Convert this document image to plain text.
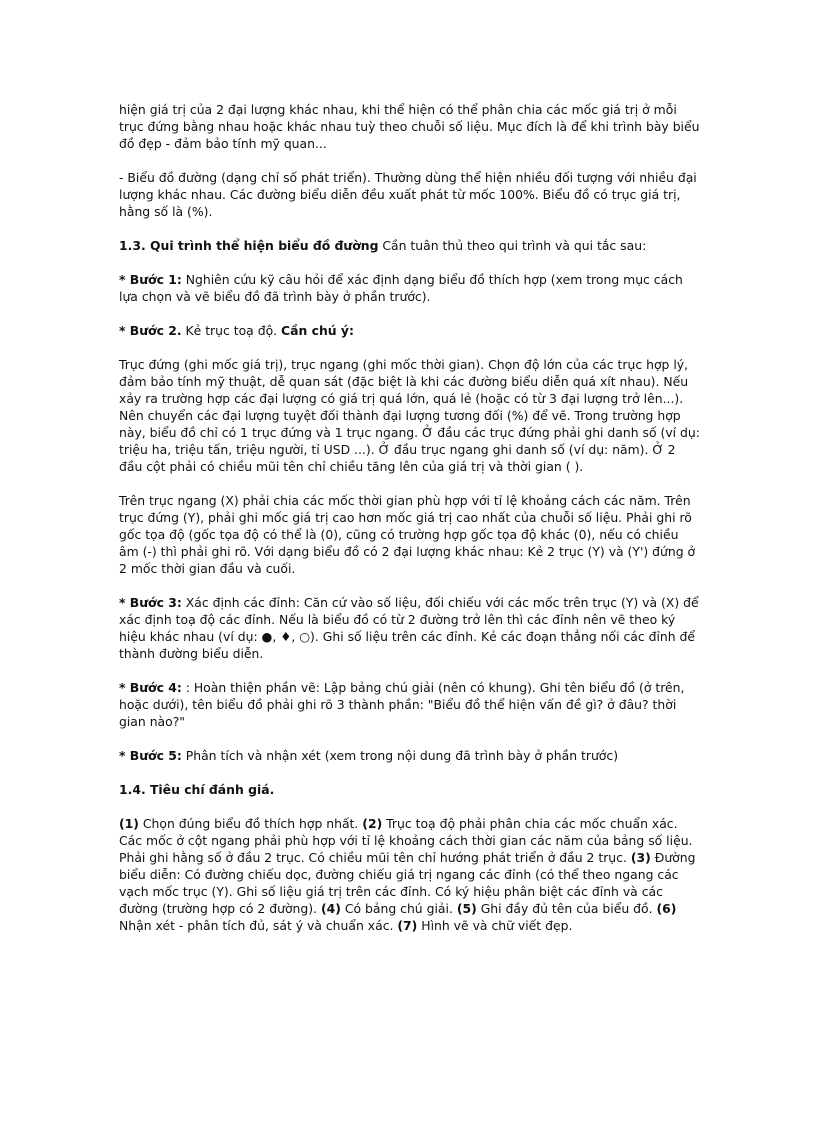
hiện giá trị của 2 đại lượng khác nhau, khi thể hiện có thể phân chia các mốc giá trị ở mỗi trục đứng bằng nhau hoặc khác nhau tuỳ theo chuỗi số liệu. Mục đích là để khi trình bày biểu đồ đẹp - đảm bảo tính mỹ quan...

- Biểu đồ đường (dạng chỉ số phát triển). Thường dùng thể hiện nhiều đối tượng với nhiều đại lượng khác nhau. Các đường biểu diễn đều xuất phát từ mốc 100%. Biểu đồ có trục giá trị, hằng số là (%).

1.3. Qui trình thể hiện biểu đồ đường Cần tuân thủ theo qui trình và qui tắc sau:

* Bước 1: Nghiên cứu kỹ câu hỏi để xác định dạng biểu đồ thích hợp (xem trong mục cách lựa chọn và vẽ biểu đồ đã trình bày ở phần trước).

* Bước 2. Kẻ trục toạ độ. Cần chú ý:

Trục đứng (ghi mốc giá trị), trục ngang (ghi mốc thời gian). Chọn độ lớn của các trục hợp lý, đảm bảo tính mỹ thuật, dễ quan sát (đặc biệt là khi các đường biểu diễn quá xít nhau). Nếu xảy ra trường hợp các đại lượng có giá trị quá lớn, quá lẻ (hoặc có từ 3 đại lượng trở lên...). Nên chuyển các đại lượng tuyệt đối thành đại lượng tương đối (%) để vẽ. Trong trường hợp này, biểu đồ chỉ có 1 trục đứng và 1 trục ngang. Ở đầu các trục đứng phải ghi danh số (ví dụ: triệu ha, triệu tấn, triệu người, tỉ USD ...). Ở đầu trục ngang ghi danh số (ví dụ: năm). Ở 2 đầu cột phải có chiều mũi tên chỉ chiều tăng lên của giá trị và thời gian ( ).

Trên trục ngang (X) phải chia các mốc thời gian phù hợp với tỉ lệ khoảng cách các năm. Trên trục đứng (Y), phải ghi mốc giá trị cao hơn mốc giá trị cao nhất của chuỗi số liệu. Phải ghi rõ gốc tọa độ (gốc tọa độ có thể là (0), cũng có trường hợp gốc tọa độ khác (0), nếu có chiều âm (-) thì phải ghi rõ. Với dạng biểu đồ có 2 đại lượng khác nhau: Kẻ 2 trục (Y) và (Y') đứng ở 2 mốc thời gian đầu và cuối.

* Bước 3: Xác định các đỉnh: Căn cứ vào số liệu, đối chiếu với các mốc trên trục (Y) và (X) để xác định toạ độ các đỉnh. Nếu là biểu đồ có từ 2 đường trở lên thì các đỉnh nên vẽ theo ký hiệu khác nhau (ví dụ: ●, ♦, ○). Ghi số liệu trên các đỉnh. Kẻ các đoạn thẳng nối các đỉnh để thành đường biểu diễn.

* Bước 4: : Hoàn thiện phần vẽ: Lập bảng chú giải (nên có khung). Ghi tên biểu đồ (ở trên, hoặc dưới), tên biểu đồ phải ghi rõ 3 thành phần: "Biểu đồ thể hiện vấn đề gì? ở đâu? thời gian nào?"

* Bước 5: Phân tích và nhận xét (xem trong nội dung đã trình bày ở phần trước)

1.4. Tiêu chí đánh giá.

(1) Chọn đúng biểu đồ thích hợp nhất. (2) Trục toạ độ phải phân chia các mốc chuẩn xác. Các mốc ở cột ngang phải phù hợp với tỉ lệ khoảng cách thời gian các năm của bảng số liệu. Phải ghi hằng số ở đầu 2 trục. Có chiều mũi tên chỉ hướng phát triển ở đầu 2 trục. (3) Đường biểu diễn: Có đường chiếu dọc, đường chiếu giá trị ngang các đỉnh (có thể theo ngang các vạch mốc trục (Y). Ghi số liệu giá trị trên các đỉnh. Có ký hiệu phân biệt các đỉnh và các đường (trường hợp có 2 đường). (4) Có bảng chú giải. (5) Ghi đầy đủ tên của biểu đồ. (6) Nhận xét - phân tích đủ, sát ý và chuẩn xác. (7) Hình vẽ và chữ viết đẹp.
